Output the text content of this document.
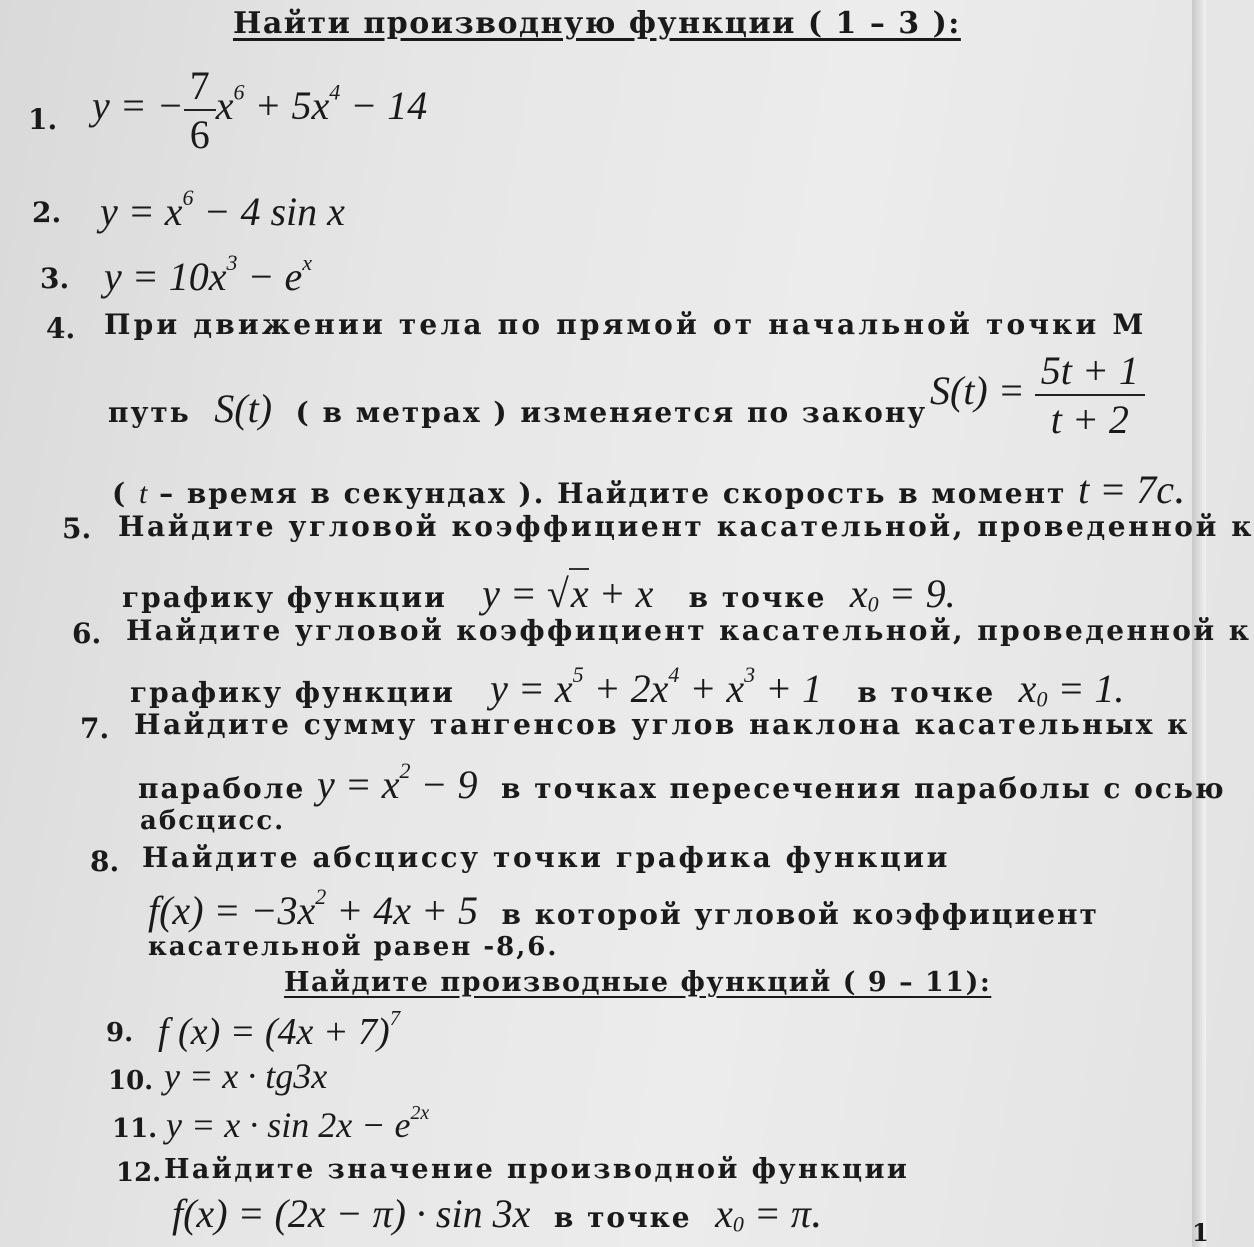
Найти производную функции ( 1 – 3 ):
1. y = − $\frac{7}{6} x^6 + 5x^4 - 14$
2. $y = x^6 - 4$ sin x
3. $y = 10x^3 - e^x$
4. При движении тела по прямой от начальной точки M
путь S(t) ( в метрах ) изменяется по закону $S(t) = \frac{5t + 1}{t + 2}$
( t – время в секундах ). Найдите скорость в момент t = 7c.
5. Найдите угловой коэффициент касательной, проведенной к
графику функции y = √x + x в точке $x_0 = 9$.
6. Найдите угловой коэффициент касательной, проведенной к
графику функции $y = x^5 + 2x^4 + x^3 + 1$ в точке $x_0 = 1$.
7. Найдите сумму тангенсов углов наклона касательных к
параболе $y = x^2 - 9$ в точках пересечения параболы с осью
абсцисс.
8. Найдите абсциссу точки графика функции
$f(x) = -3x^2 + 4x + 5$ в которой угловой коэффициент
касательной равен -8,6.
Найдите производные функций ( 9 – 11):
9. f $(x) = (4x + 7)^7$
10. y = x · tg3x
11. $y = x \cdot \sin 2x - e^{2x}$
12. Найдите значение производной функции
f(x) = (2x − π) · sin 3x в точке $x_0 = \pi$.	1
